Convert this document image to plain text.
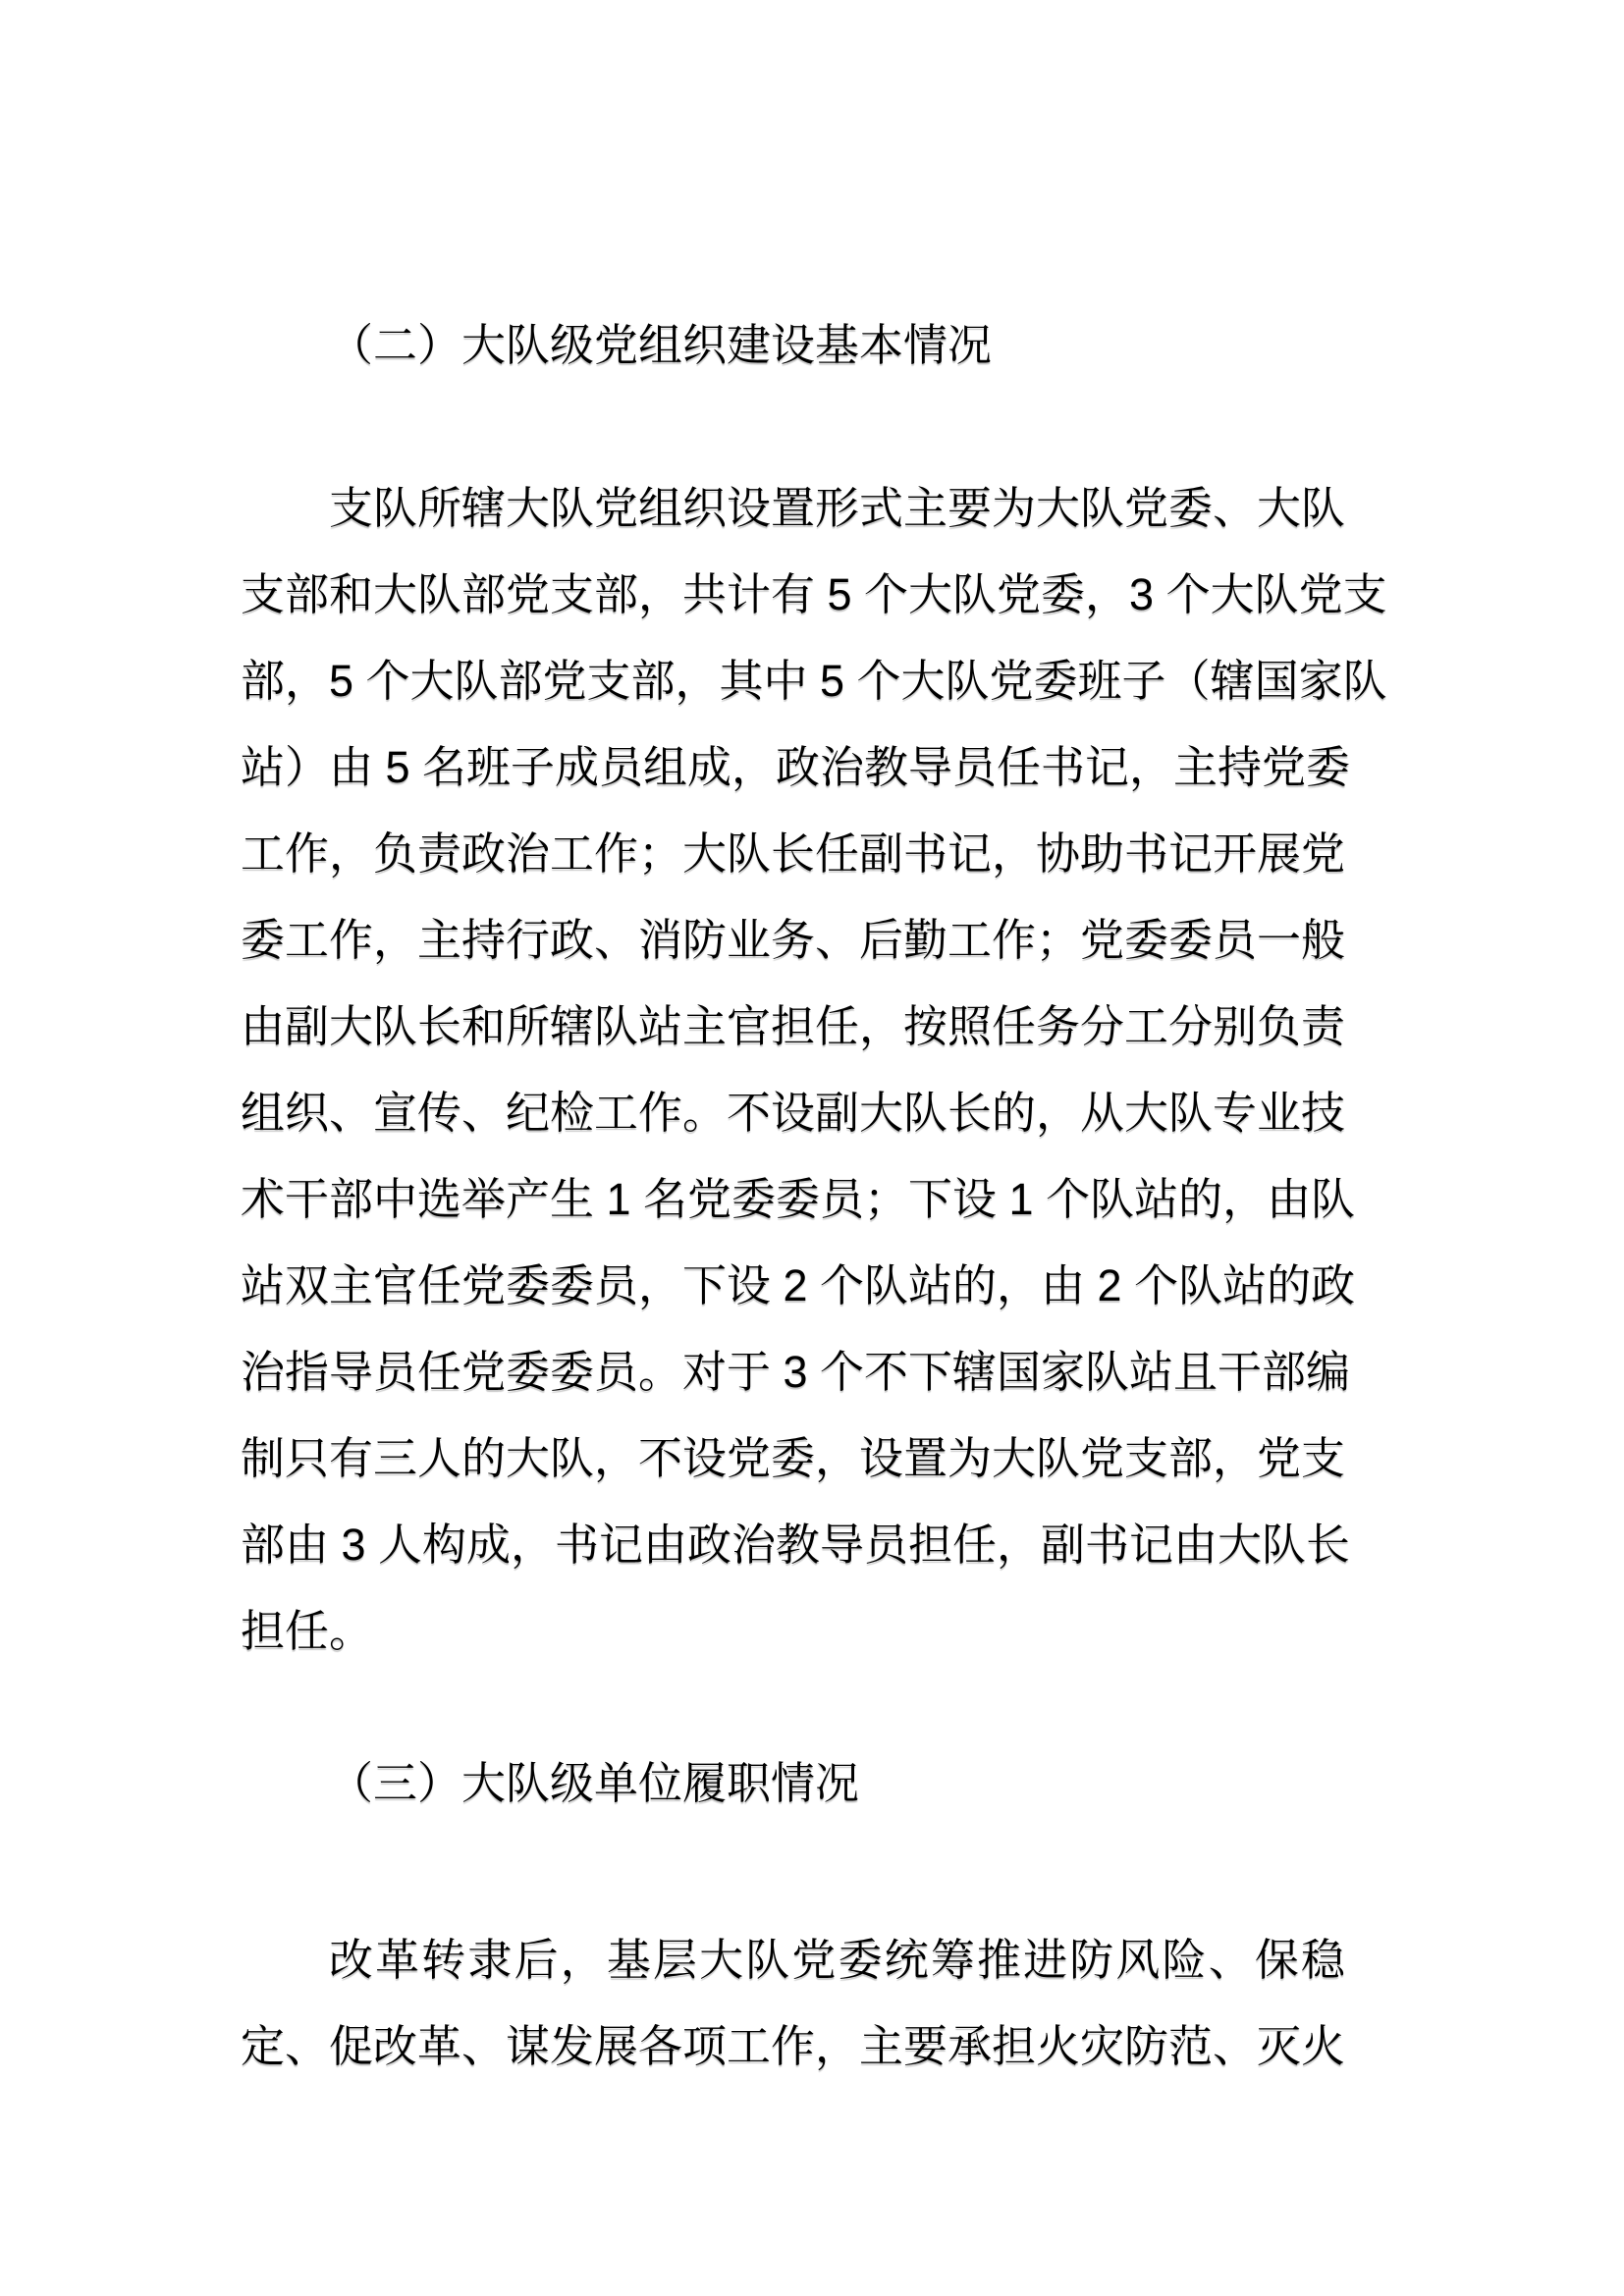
（二）大队级党组织建设基本情况
支队所辖大队党组织设置形式主要为大队党委、大队
支部和大队部党支部，共计有 5 个大队党委，3 个大队党支
部，5 个大队部党支部，其中 5 个大队党委班子（辖国家队
站）由 5 名班子成员组成，政治教导员任书记，主持党委
工作，负责政治工作；大队长任副书记，协助书记开展党
委工作，主持行政、消防业务、后勤工作；党委委员一般
由副大队长和所辖队站主官担任，按照任务分工分别负责
组织、宣传、纪检工作。不设副大队长的，从大队专业技
术干部中选举产生 1 名党委委员；下设 1 个队站的，由队
站双主官任党委委员，下设 2 个队站的，由 2 个队站的政
治指导员任党委委员。对于 3 个不下辖国家队站且干部编
制只有三人的大队，不设党委，设置为大队党支部，党支
部由 3 人构成，书记由政治教导员担任，副书记由大队长
担任。
（三）大队级单位履职情况
改革转隶后，基层大队党委统筹推进防风险、保稳
定、促改革、谋发展各项工作，主要承担火灾防范、灭火
